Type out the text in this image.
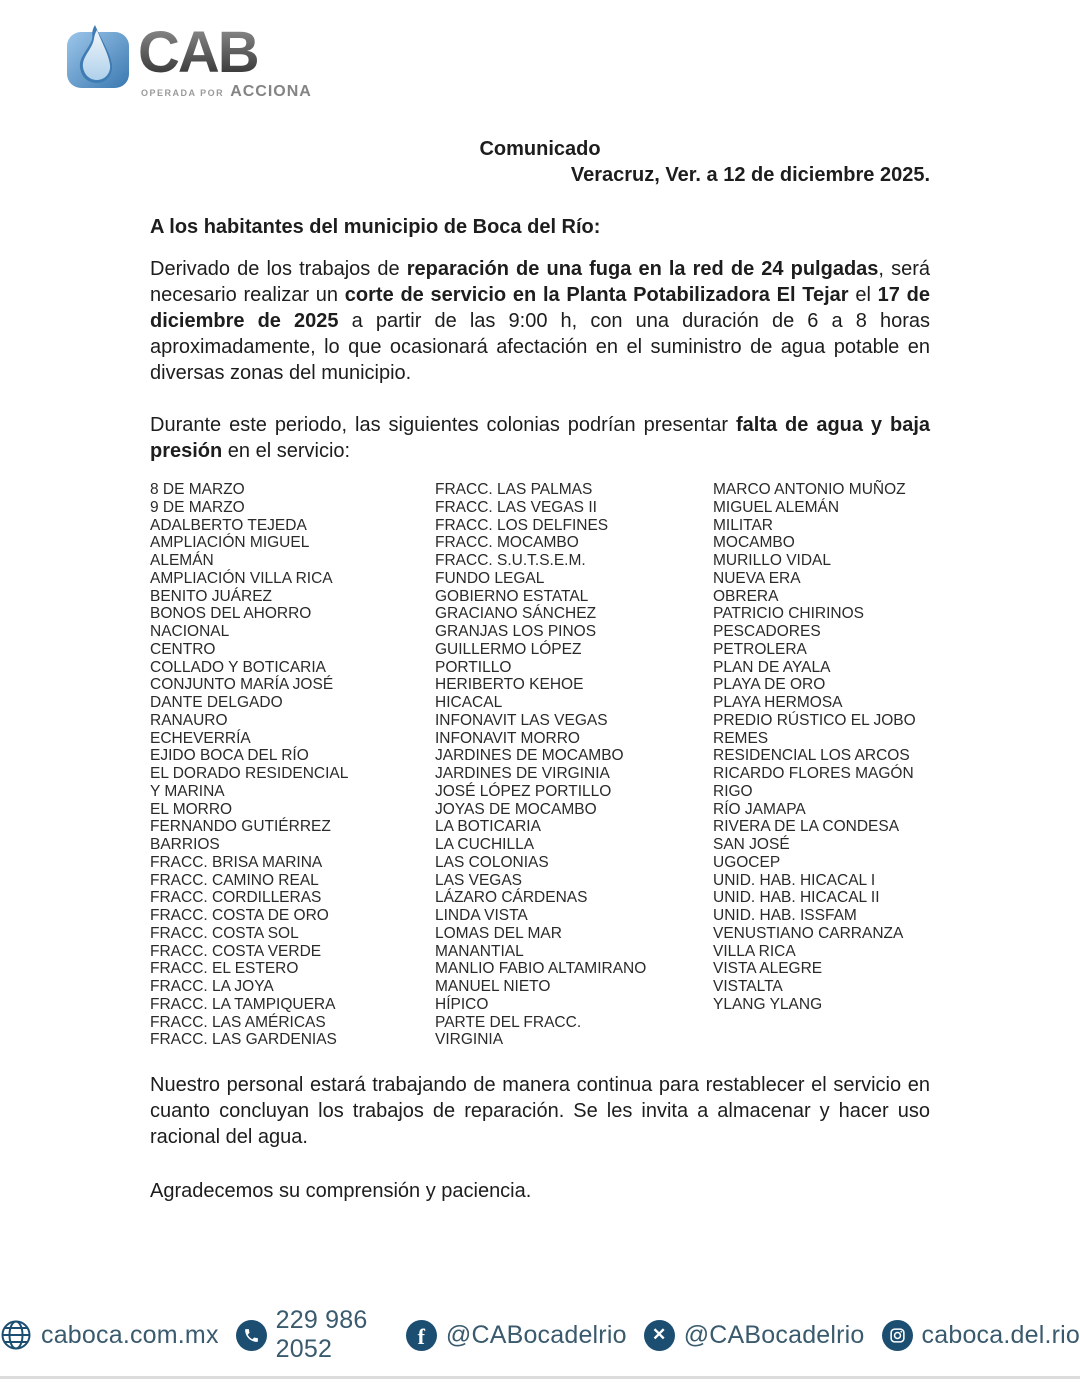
CAB
OPERADA POR ACCIONA
Comunicado
Veracruz, Ver. a 12 de diciembre 2025.
A los habitantes del municipio de Boca del Río:
Derivado de los trabajos de reparación de una fuga en la red de 24 pulgadas, será necesario realizar un corte de servicio en la Planta Potabilizadora El Tejar el 17 de diciembre de 2025 a partir de las 9:00 h, con una duración de 6 a 8 horas aproximadamente, lo que ocasionará afectación en el suministro de agua potable en diversas zonas del municipio.
Durante este periodo, las siguientes colonias podrían presentar falta de agua y baja presión en el servicio:
8 DE MARZO
9 DE MARZO
ADALBERTO TEJEDA
AMPLIACIÓN MIGUEL
ALEMÁN
AMPLIACIÓN VILLA RICA
BENITO JUÁREZ
BONOS DEL AHORRO
NACIONAL
CENTRO
COLLADO Y BOTICARIA
CONJUNTO MARÍA JOSÉ
DANTE DELGADO
RANAURO
ECHEVERRÍA
EJIDO BOCA DEL RÍO
EL DORADO RESIDENCIAL
Y MARINA
EL MORRO
FERNANDO GUTIÉRREZ
BARRIOS
FRACC. BRISA MARINA
FRACC. CAMINO REAL
FRACC. CORDILLERAS
FRACC. COSTA DE ORO
FRACC. COSTA SOL
FRACC. COSTA VERDE
FRACC. EL ESTERO
FRACC. LA JOYA
FRACC. LA TAMPIQUERA
FRACC. LAS AMÉRICAS
FRACC. LAS GARDENIAS
FRACC. LAS PALMAS
FRACC. LAS VEGAS II
FRACC. LOS DELFINES
FRACC. MOCAMBO
FRACC. S.U.T.S.E.M.
FUNDO LEGAL
GOBIERNO ESTATAL
GRACIANO SÁNCHEZ
GRANJAS LOS PINOS
GUILLERMO LÓPEZ
PORTILLO
HERIBERTO KEHOE
HICACAL
INFONAVIT LAS VEGAS
INFONAVIT MORRO
JARDINES DE MOCAMBO
JARDINES DE VIRGINIA
JOSÉ LÓPEZ PORTILLO
JOYAS DE MOCAMBO
LA BOTICARIA
LA CUCHILLA
LAS COLONIAS
LAS VEGAS
LÁZARO CÁRDENAS
LINDA VISTA
LOMAS DEL MAR
MANANTIAL
MANLIO FABIO ALTAMIRANO
MANUEL NIETO
HÍPICO
PARTE DEL FRACC.
VIRGINIA
MARCO ANTONIO MUÑOZ
MIGUEL ALEMÁN
MILITAR
MOCAMBO
MURILLO VIDAL
NUEVA ERA
OBRERA
PATRICIO CHIRINOS
PESCADORES
PETROLERA
PLAN DE AYALA
PLAYA DE ORO
PLAYA HERMOSA
PREDIO RÚSTICO EL JOBO
REMES
RESIDENCIAL LOS ARCOS
RICARDO FLORES MAGÓN
RIGO
RÍO JAMAPA
RIVERA DE LA CONDESA
SAN JOSÉ
UGOCEP
UNID. HAB. HICACAL I
UNID. HAB. HICACAL II
UNID. HAB. ISSFAM
VENUSTIANO CARRANZA
VILLA RICA
VISTA ALEGRE
VISTALTA
YLANG YLANG
Nuestro personal estará trabajando de manera continua para restablecer el servicio en cuanto concluyan los trabajos de reparación. Se les invita a almacenar y hacer uso racional del agua.
Agradecemos su comprensión y paciencia.
caboca.com.mx
229 986 2052	f @CABocadelrio ✕ @CABocadelrio caboca.del.rio
